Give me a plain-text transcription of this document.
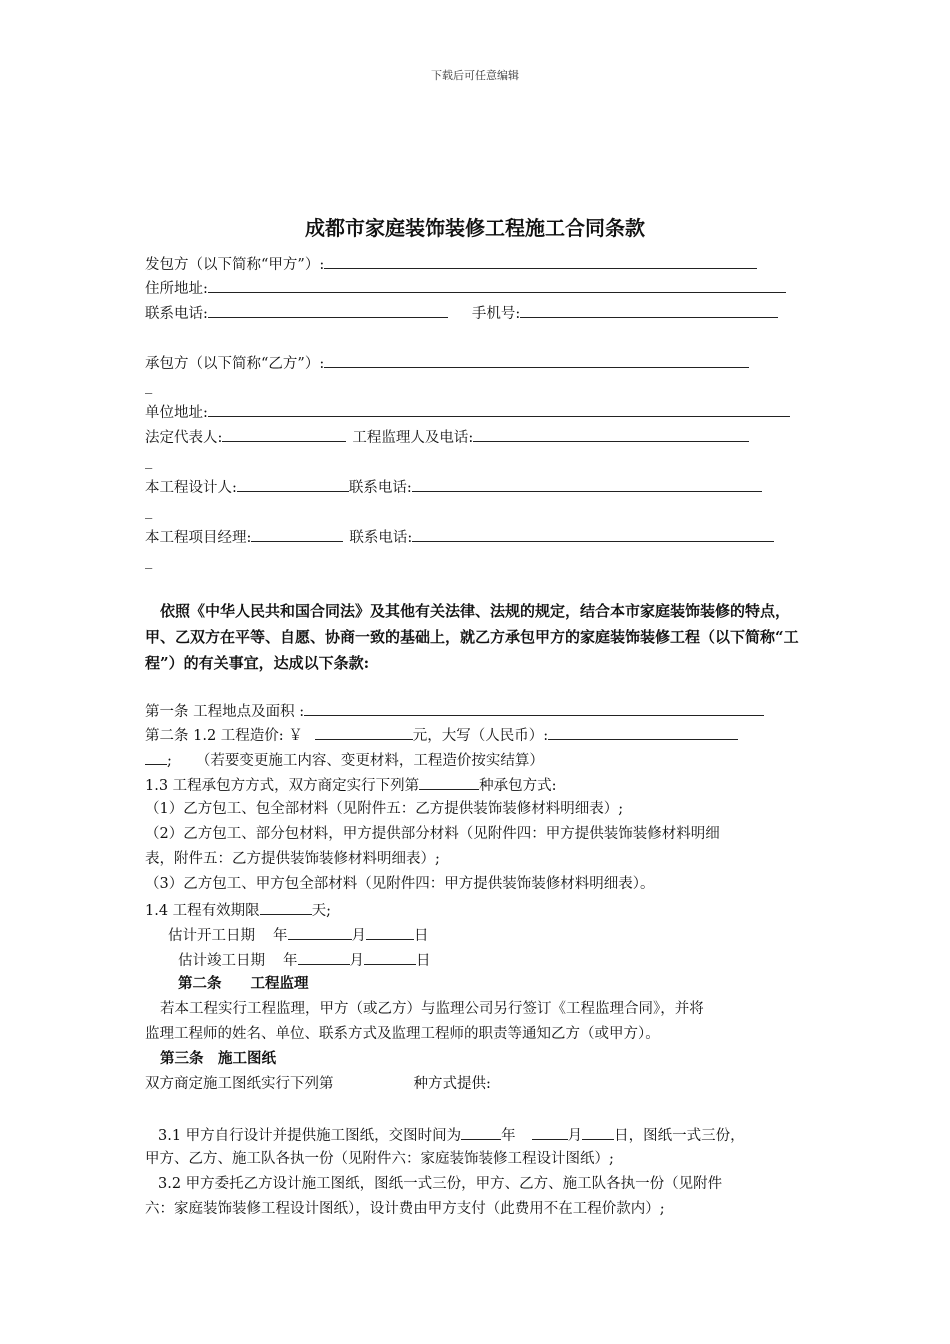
下载后可任意编辑
成都市家庭装饰装修工程施工合同条款
发包方（以下简称“甲方”）:
住所地址:
联系电话:	手机号:
承包方（以下简称“乙方”）:
_
单位地址:
法定代表人:	工程监理人及电话:
_
本工程设计人:	联系电话:
_
本工程项目经理:	联系电话:
_
依照《中华人民共和国合同法》及其他有关法律、法规的规定，结合本市家庭装饰装修的特点，甲、乙双方在平等、自愿、协商一致的基础上，就乙方承包甲方的家庭装饰装修工程（以下简称“工程”）的有关事宜，达成以下条款:
第一条 工程地点及面积 :
第二条 1.2 工程造价: ￥	元，大写（人民币）:
; （若要变更施工内容、变更材料，工程造价按实结算）
1.3 工程承包方方式，双方商定实行下列第	种承包方式:
（1）乙方包工、包全部材料（见附件五：乙方提供装饰装修材料明细表）;
（2）乙方包工、部分包材料，甲方提供部分材料（见附件四：甲方提供装饰装修材料明细
表，附件五：乙方提供装饰装修材料明细表）;
（3）乙方包工、甲方包全部材料（见附件四：甲方提供装饰装修材料明细表）。
1.4 工程有效期限	天;
估计开工日期 年	月	日
估计竣工日期 年	月	日
第二条　　工程监理
若本工程实行工程监理，甲方（或乙方）与监理公司另行签订《工程监理合同》，并将
监理工程师的姓名、单位、联系方式及监理工程师的职责等通知乙方（或甲方）。
第三条　施工图纸
双方商定施工图纸实行下列第	种方式提供:
3.1 甲方自行设计并提供施工图纸，交图时间为	年	月 日，图纸一式三份，
甲方、乙方、施工队各执一份（见附件六：家庭装饰装修工程设计图纸）;
3.2 甲方委托乙方设计施工图纸，图纸一式三份，甲方、乙方、施工队各执一份（见附件
六：家庭装饰装修工程设计图纸），设计费由甲方支付（此费用不在工程价款内）;
